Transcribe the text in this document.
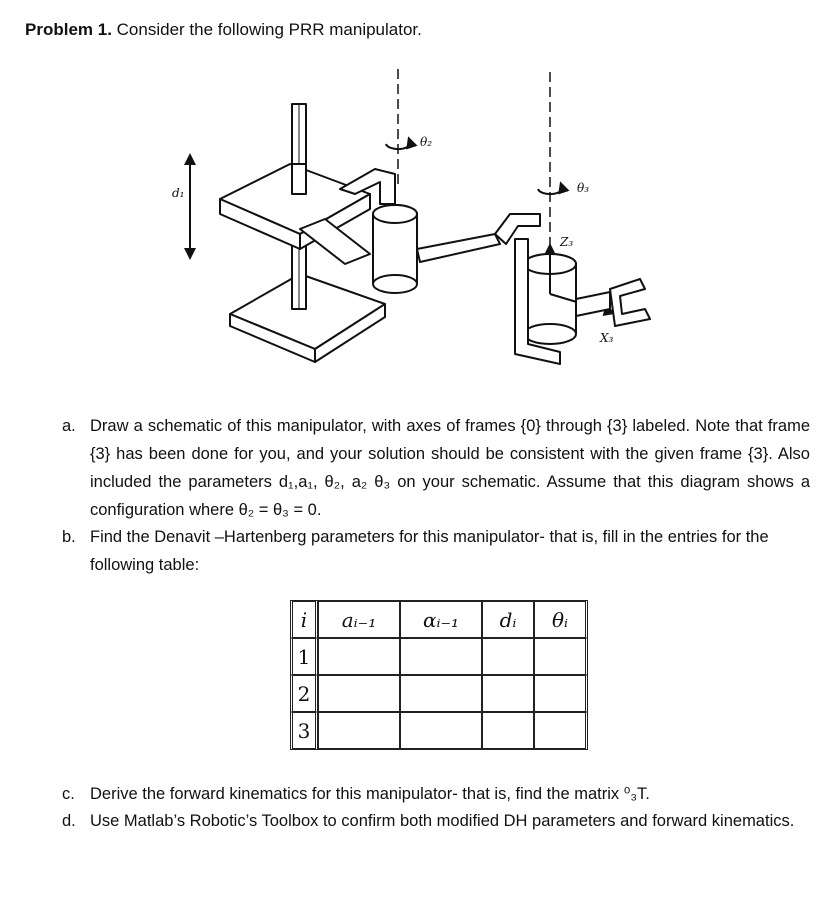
Problem 1. Consider the following PRR manipulator.
d₁
θ₂
θ₃
Z₃
X₃
a. Draw a schematic of this manipulator, with axes of frames {0} through {3} labeled. Note that frame {3} has been done for you, and your solution should be consistent with the given frame {3}. Also included the parameters d₁,a₁, θ₂, a₂ θ₃ on your schematic. Assume that this diagram shows a configuration where θ₂ = θ₃ = 0.
b. Find the Denavit –Hartenberg parameters for this manipulator- that is, fill in the entries for the following table:
i	aᵢ₋₁	αᵢ₋₁	dᵢ	θᵢ
1				
2				
3				
c. Derive the forward kinematics for this manipulator- that is, find the matrix ⁰₃T.
d. Use Matlab’s Robotic’s Toolbox to confirm both modified DH parameters and forward kinematics.
